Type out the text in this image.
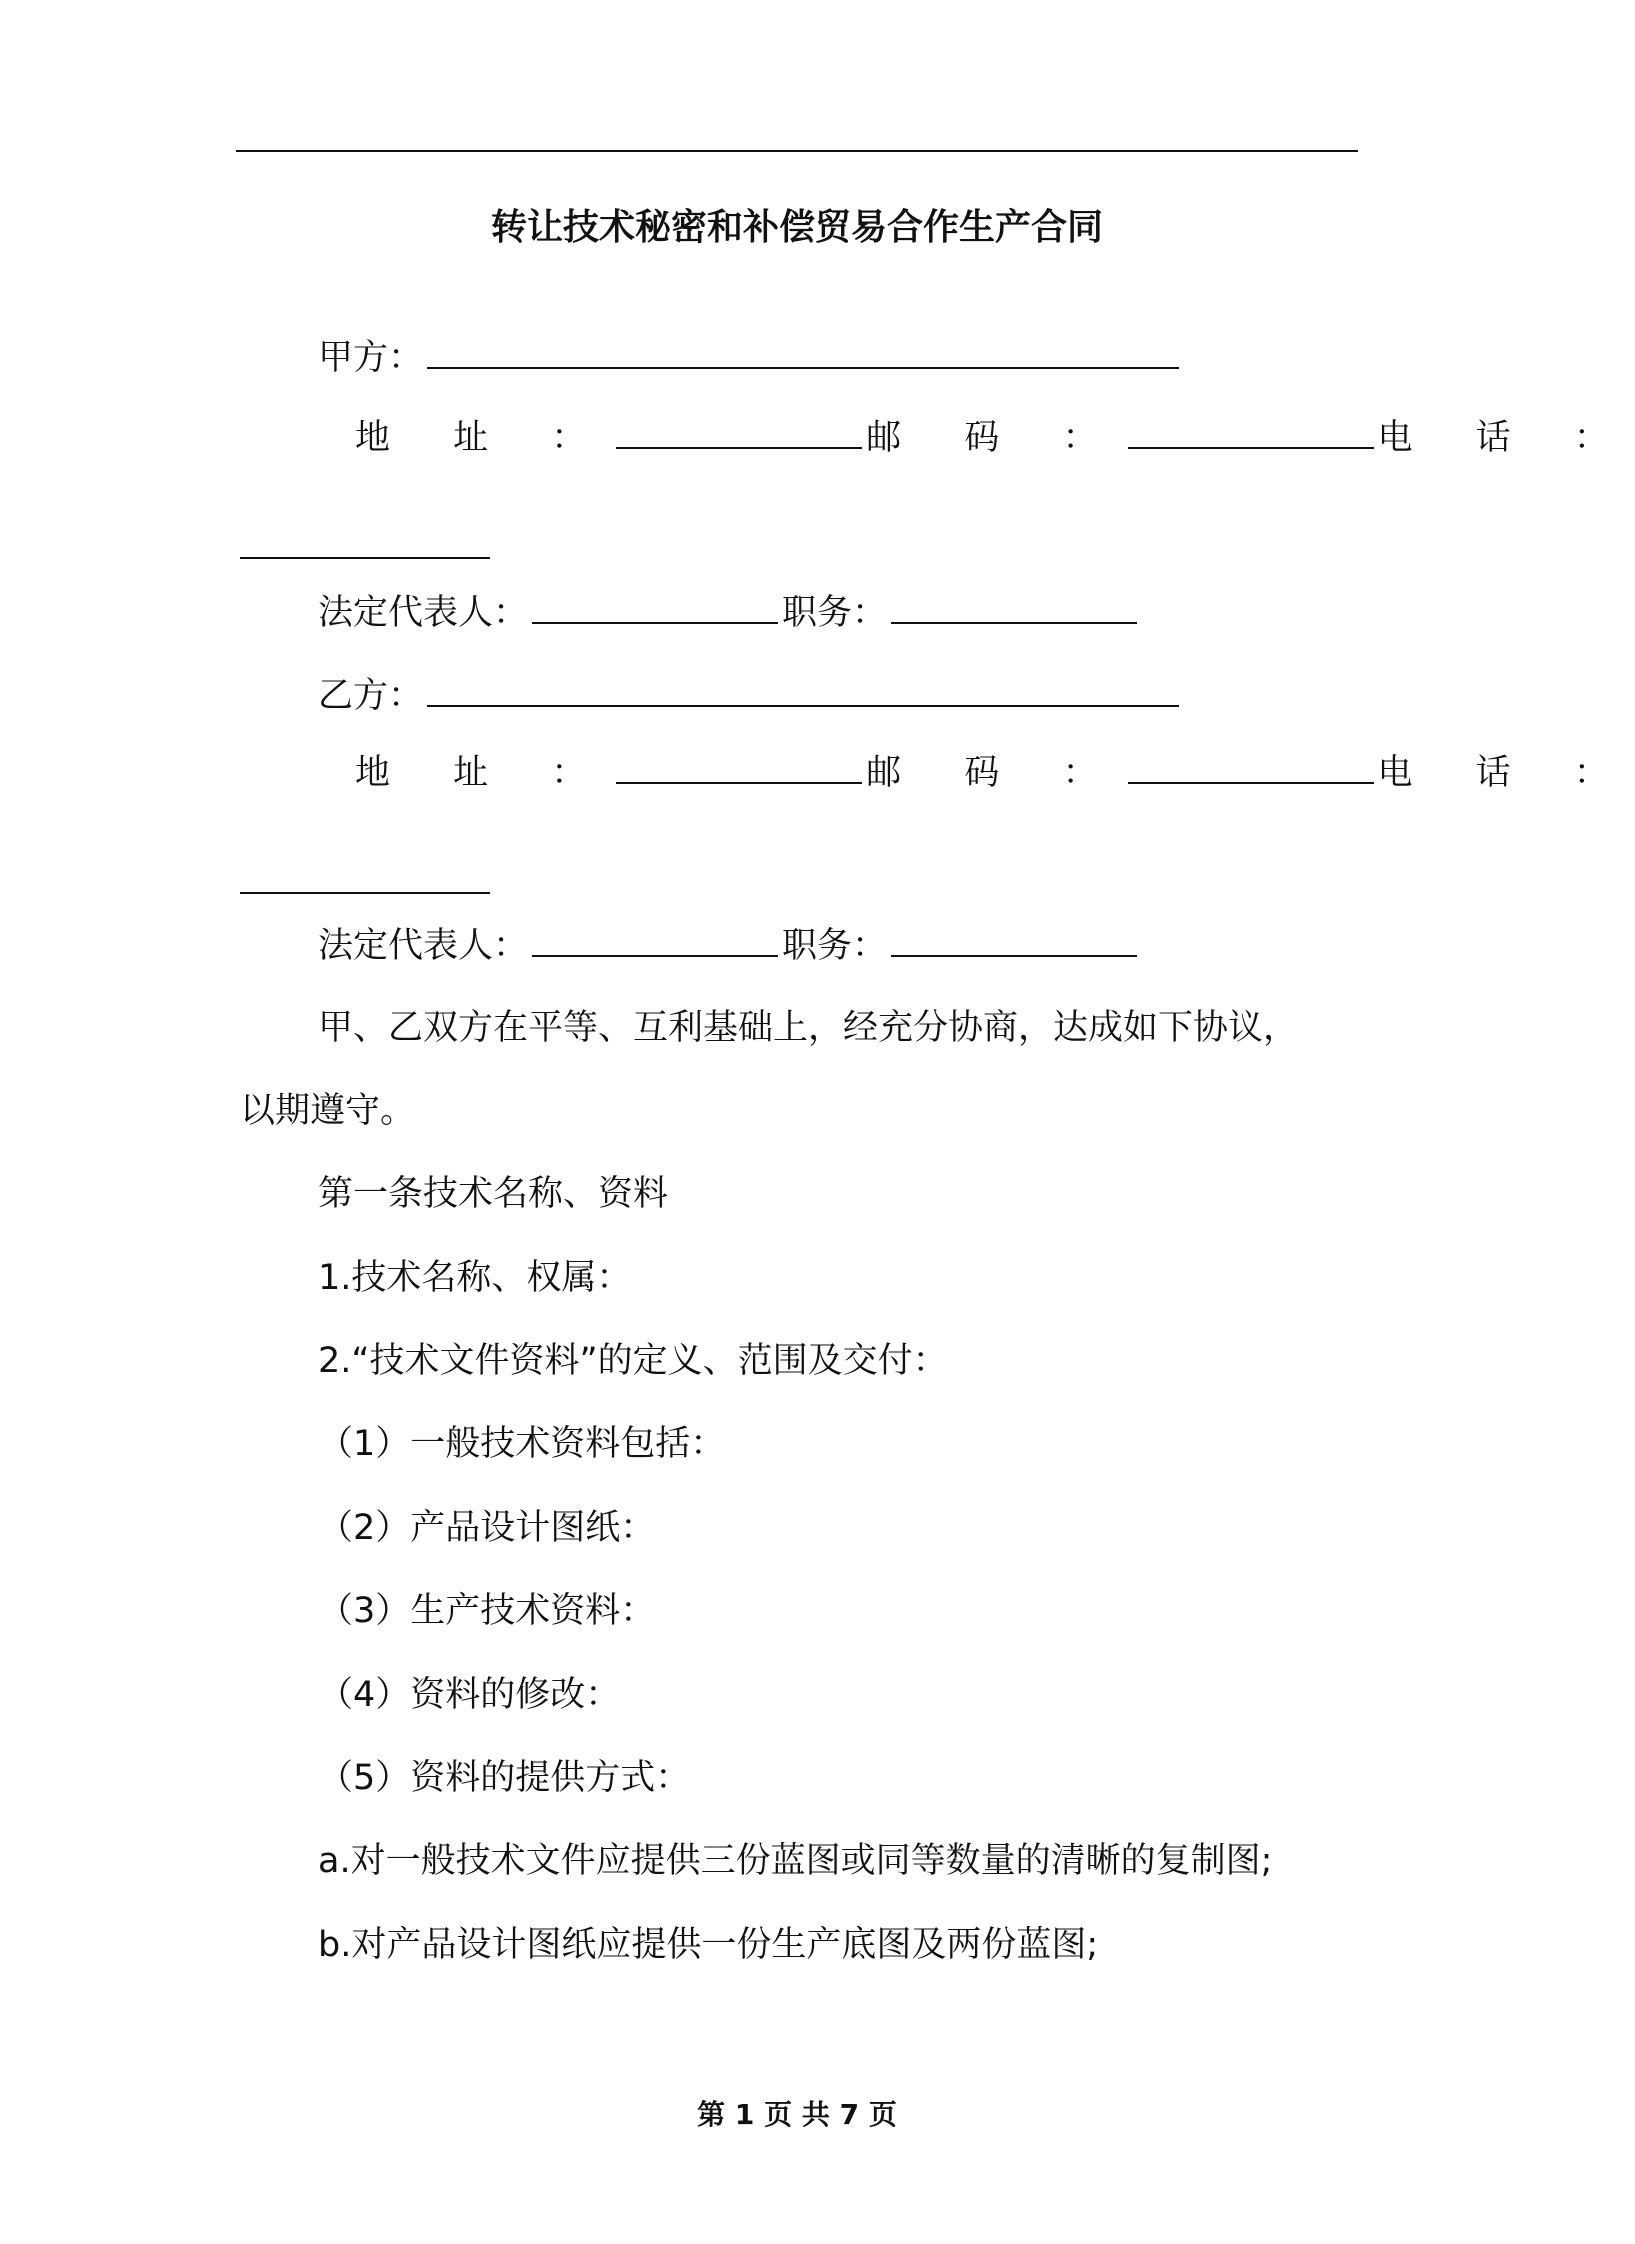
转让技术秘密和补偿贸易合作生产合同
甲方：
地 址 ：	邮 码 ：	电 话 ：
法定代表人：	职务：
乙方：
地 址 ：	邮 码 ：	电 话 ：
法定代表人：	职务：
甲、乙双方在平等、互利基础上，经充分协商，达成如下协议，
以期遵守。
第一条技术名称、资料
1.技术名称、权属：
2.“技术文件资料”的定义、范围及交付：
（1）一般技术资料包括：
（2）产品设计图纸：
（3）生产技术资料：
（4）资料的修改：
（5）资料的提供方式：
a.对一般技术文件应提供三份蓝图或同等数量的清晰的复制图;
b.对产品设计图纸应提供一份生产底图及两份蓝图;
第 1 页 共 7 页
